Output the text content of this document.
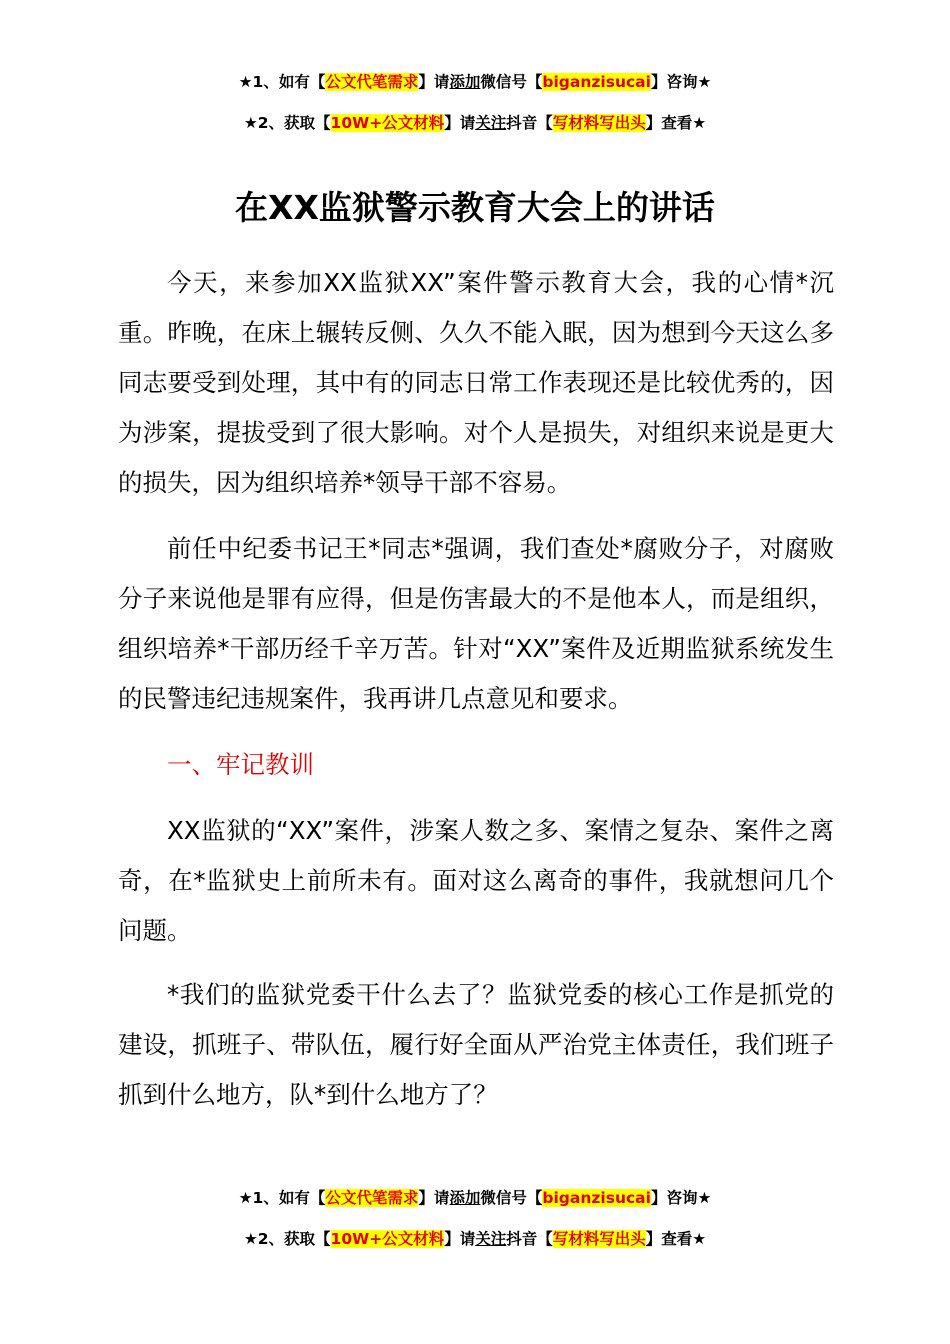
★1、如有【公文代笔需求】请添加微信号【biganzisucai】咨询★
★2、获取【10W+公文材料】请关注抖音【写材料写出头】查看★
在XX监狱警示教育大会上的讲话

今天，来参加XX监狱XX”案件警示教育大会，我的心情*沉重。昨晚，在床上辗转反侧、久久不能入眠，因为想到今天这么多同志要受到处理，其中有的同志日常工作表现还是比较优秀的，因为涉案，提拔受到了很大影响。对个人是损失，对组织来说是更大的损失，因为组织培养*领导干部不容易。

前任中纪委书记王*同志*强调，我们查处*腐败分子，对腐败分子来说他是罪有应得，但是伤害最大的不是他本人，而是组织，组织培养*干部历经千辛万苦。针对“XX”案件及近期监狱系统发生的民警违纪违规案件，我再讲几点意见和要求。

一、牢记教训

XX监狱的“XX”案件，涉案人数之多、案情之复杂、案件之离奇，在*监狱史上前所未有。面对这么离奇的事件，我就想问几个问题。

*我们的监狱党委干什么去了？监狱党委的核心工作是抓党的建设，抓班子、带队伍，履行好全面从严治党主体责任，我们班子抓到什么地方，队*到什么地方了？

★1、如有【公文代笔需求】请添加微信号【biganzisucai】咨询★
★2、获取【10W+公文材料】请关注抖音【写材料写出头】查看★
